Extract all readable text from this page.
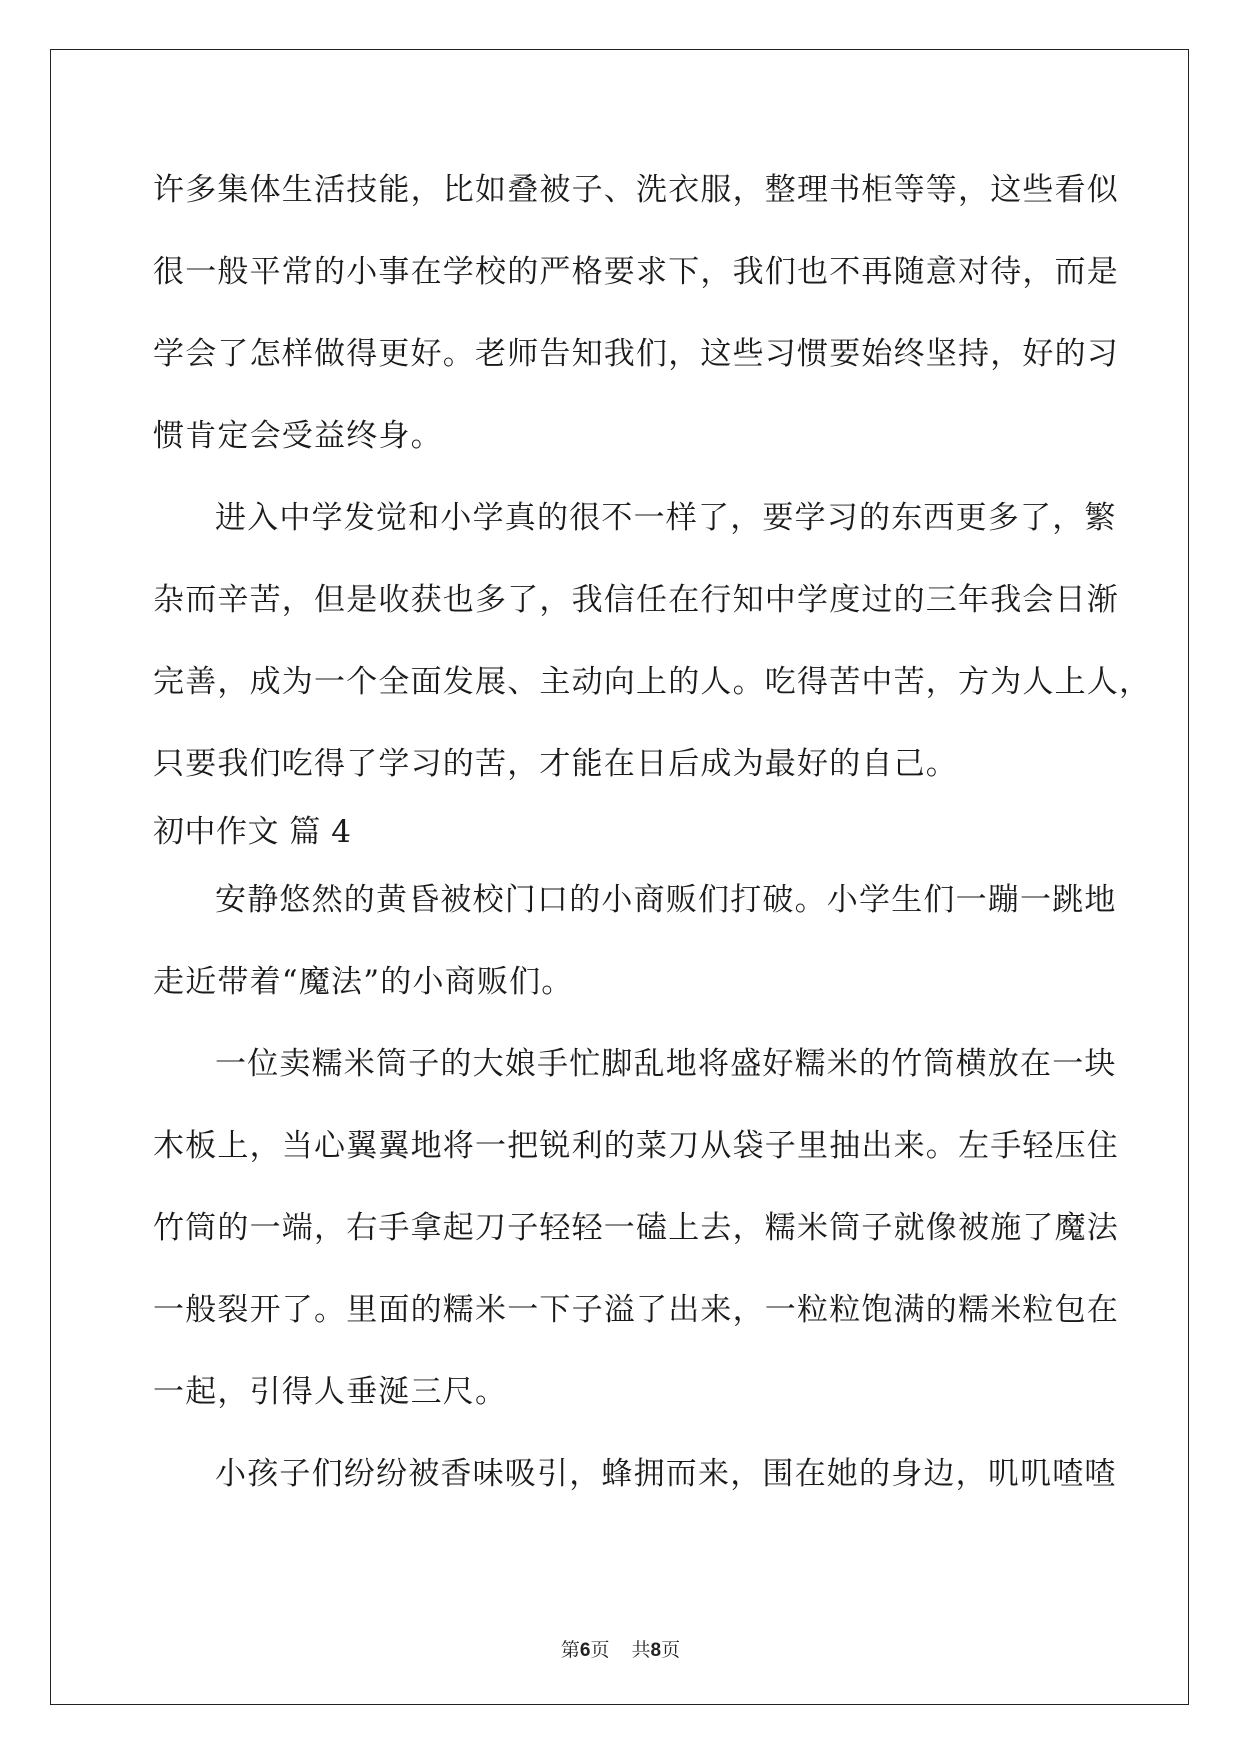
许多集体生活技能，比如叠被子、洗衣服，整理书柜等等，这些看似
很一般平常的小事在学校的严格要求下，我们也不再随意对待，而是
学会了怎样做得更好。老师告知我们，这些习惯要始终坚持，好的习
惯肯定会受益终身。
进入中学发觉和小学真的很不一样了，要学习的东西更多了，繁
杂而辛苦，但是收获也多了，我信任在行知中学度过的三年我会日渐
完善，成为一个全面发展、主动向上的人。吃得苦中苦，方为人上人，
只要我们吃得了学习的苦，才能在日后成为最好的自己。
初中作文 篇 4
安静悠然的黄昏被校门口的小商贩们打破。小学生们一蹦一跳地
走近带着“魔法”的小商贩们。
一位卖糯米筒子的大娘手忙脚乱地将盛好糯米的竹筒横放在一块
木板上，当心翼翼地将一把锐利的菜刀从袋子里抽出来。左手轻压住
竹筒的一端，右手拿起刀子轻轻一磕上去，糯米筒子就像被施了魔法
一般裂开了。里面的糯米一下子溢了出来，一粒粒饱满的糯米粒包在
一起，引得人垂涎三尺。
小孩子们纷纷被香味吸引，蜂拥而来，围在她的身边，叽叽喳喳
第6页 共8页
